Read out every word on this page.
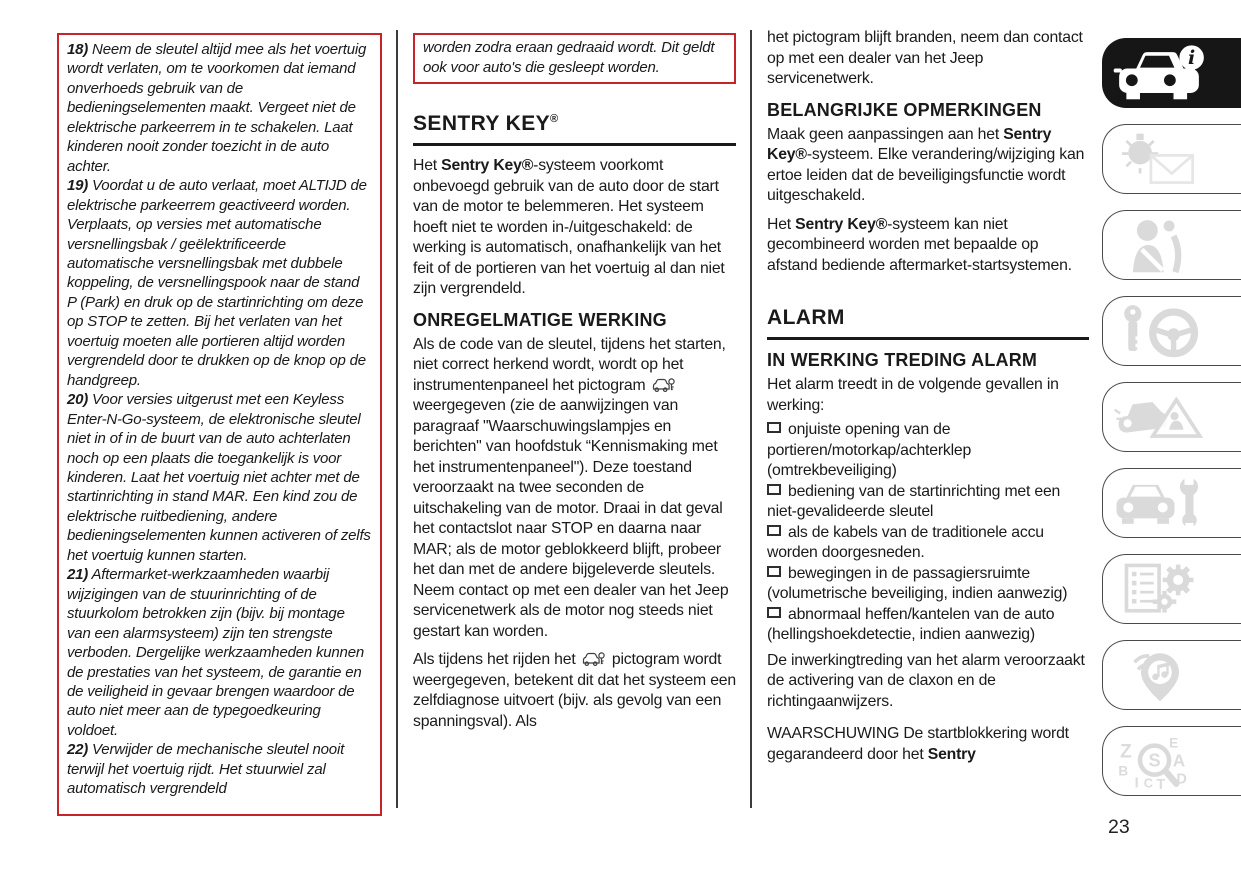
18) Neem de sleutel altijd mee als het voertuig wordt verlaten, om te voorkomen dat iemand onverhoeds gebruik van de bedieningselementen maakt. Vergeet niet de elektrische parkeerrem in te schakelen. Laat kinderen nooit zonder toezicht in de auto achter.

19) Voordat u de auto verlaat, moet ALTIJD de elektrische parkeerrem geactiveerd worden. Verplaats, op versies met automatische versnellingsbak / geëlektrificeerde automatische versnellingsbak met dubbele koppeling, de versnellingspook naar de stand P (Park) en druk op de startinrichting om deze op STOP te zetten. Bij het verlaten van het voertuig moeten alle portieren altijd worden vergrendeld door te drukken op de knop op de handgreep.

20) Voor versies uitgerust met een Keyless Enter-N-Go-systeem, de elektronische sleutel niet in of in de buurt van de auto achterlaten noch op een plaats die toegankelijk is voor kinderen. Laat het voertuig niet achter met de startinrichting in stand MAR. Een kind zou de elektrische ruitbediening, andere bedieningselementen kunnen activeren of zelfs het voertuig kunnen starten.

21) Aftermarket-werkzaamheden waarbij wijzigingen van de stuurinrichting of de stuurkolom betrokken zijn (bijv. bij montage van een alarmsysteem) zijn ten strengste verboden. Dergelijke werkzaamheden kunnen de prestaties van het systeem, de garantie en de veiligheid in gevaar brengen waardoor de auto niet meer aan de typegoedkeuring voldoet.

22) Verwijder de mechanische sleutel nooit terwijl het voertuig rijdt. Het stuurwiel zal automatisch vergrendeld

worden zodra eraan gedraaid wordt. Dit geldt ook voor auto's die gesleept worden.
SENTRY KEY®

Het Sentry Key®-systeem voorkomt onbevoegd gebruik van de auto door de start van de motor te belemmeren. Het systeem hoeft niet te worden in-/uitgeschakeld: de werking is automatisch, onafhankelijk van het feit of de portieren van het voertuig al dan niet zijn vergrendeld.

ONREGELMATIGE WERKING

Als de code van de sleutel, tijdens het starten, niet correct herkend wordt, wordt op het instrumentenpaneel het pictogram  weergegeven (zie de aanwijzingen van paragraaf "Waarschuwingslampjes en berichten" van hoofdstuk “Kennismaking met het instrumentenpaneel"). Deze toestand veroorzaakt na twee seconden de uitschakeling van de motor. Draai in dat geval het contactslot naar STOP en daarna naar MAR; als de motor geblokkeerd blijft, probeer het dan met de andere bijgeleverde sleutels. Neem contact op met een dealer van het Jeep servicenetwerk als de motor nog steeds niet gestart kan worden.

Als tijdens het rijden het  pictogram wordt weergegeven, betekent dit dat het systeem een zelfdiagnose uitvoert (bijv. als gevolg van een spanningsval). Als

het pictogram blijft branden, neem dan contact op met een dealer van het Jeep servicenetwerk.

BELANGRIJKE OPMERKINGEN

Maak geen aanpassingen aan het Sentry Key®-systeem. Elke verandering/wijziging kan ertoe leiden dat de beveiligingsfunctie wordt uitgeschakeld.

Het Sentry Key®-systeem kan niet gecombineerd worden met bepaalde op afstand bediende aftermarket-startsystemen.

ALARM
IN WERKING TREDING ALARM

Het alarm treedt in de volgende gevallen in werking:

onjuiste opening van de portieren/motorkap/achterklep (omtrekbeveiliging)
bediening van de startinrichting met een niet-gevalideerde sleutel
als de kabels van de traditionele accu worden doorgesneden.
bewegingen in de passagiersruimte (volumetrische beveiliging, indien aanwezig)
abnormaal heffen/kantelen van de auto (hellingshoekdetectie, indien aanwezig)

De inwerkingtreding van het alarm veroorzaakt de activering van de claxon en de richtingaanwijzers.

WAARSCHUWING De startblokkering wordt gegarandeerd door het Sentry

i
Z E
B
A
I C T D
S
23
